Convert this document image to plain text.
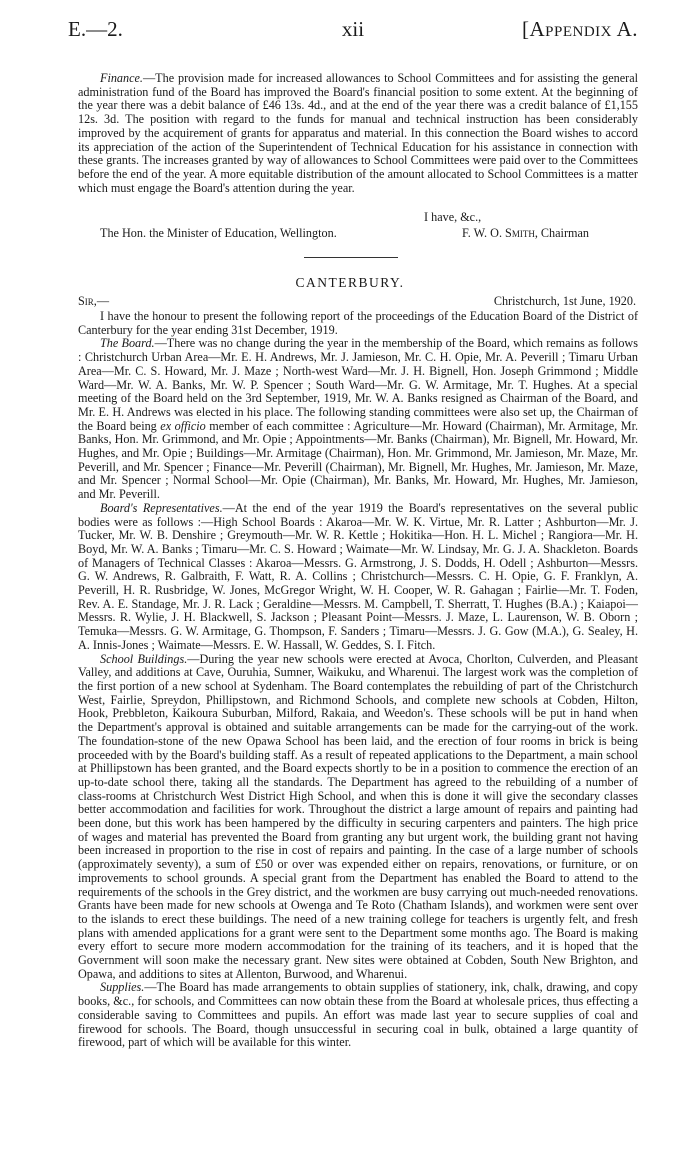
E.—2.	xii	[Appendix A.

Finance.—The provision made for increased allowances to School Committees and for assisting the general administration fund of the Board has improved the Board's financial position to some extent. At the beginning of the year there was a debit balance of £46 13s. 4d., and at the end of the year there was a credit balance of £1,155 12s. 3d. The position with regard to the funds for manual and technical instruction has been considerably improved by the acquirement of grants for apparatus and material. In this connection the Board wishes to accord its appreciation of the action of the Superintendent of Technical Education for his assistance in connection with these grants. The increases granted by way of allowances to School Committees were paid over to the Committees before the end of the year. A more equitable distribution of the amount allocated to School Committees is a matter which must engage the Board's attention during the year.

I have, &c.,
The Hon. the Minister of Education, Wellington.	F. W. O. Smith, Chairman
CANTERBURY.
Sir,—	Christchurch, 1st June, 1920.

I have the honour to present the following report of the proceedings of the Education Board of the District of Canterbury for the year ending 31st December, 1919.

The Board.—There was no change during the year in the membership of the Board, which remains as follows : Christchurch Urban Area—Mr. E. H. Andrews, Mr. J. Jamieson, Mr. C. H. Opie, Mr. A. Peverill ; Timaru Urban Area—Mr. C. S. Howard, Mr. J. Maze ; North-west Ward—Mr. J. H. Bignell, Hon. Joseph Grimmond ; Middle Ward—Mr. W. A. Banks, Mr. W. P. Spencer ; South Ward—Mr. G. W. Armitage, Mr. T. Hughes. At a special meeting of the Board held on the 3rd September, 1919, Mr. W. A. Banks resigned as Chairman of the Board, and Mr. E. H. Andrews was elected in his place. The following standing committees were also set up, the Chairman of the Board being ex officio member of each committee : Agriculture—Mr. Howard (Chairman), Mr. Armitage, Mr. Banks, Hon. Mr. Grimmond, and Mr. Opie ; Appointments—Mr. Banks (Chairman), Mr. Bignell, Mr. Howard, Mr. Hughes, and Mr. Opie ; Buildings—Mr. Armitage (Chairman), Hon. Mr. Grimmond, Mr. Jamieson, Mr. Maze, Mr. Peverill, and Mr. Spencer ; Finance—Mr. Peverill (Chairman), Mr. Bignell, Mr. Hughes, Mr. Jamieson, Mr. Maze, and Mr. Spencer ; Normal School—Mr. Opie (Chairman), Mr. Banks, Mr. Howard, Mr. Hughes, Mr. Jamieson, and Mr. Peverill.

Board's Representatives.—At the end of the year 1919 the Board's representatives on the several public bodies were as follows :—High School Boards : Akaroa—Mr. W. K. Virtue, Mr. R. Latter ; Ashburton—Mr. J. Tucker, Mr. W. B. Denshire ; Greymouth—Mr. W. R. Kettle ; Hokitika—Hon. H. L. Michel ; Rangiora—Mr. H. Boyd, Mr. W. A. Banks ; Timaru—Mr. C. S. Howard ; Waimate—Mr. W. Lindsay, Mr. G. J. A. Shackleton. Boards of Managers of Technical Classes : Akaroa—Messrs. G. Armstrong, J. S. Dodds, H. Odell ; Ashburton—Messrs. G. W. Andrews, R. Galbraith, F. Watt, R. A. Collins ; Christchurch—Messrs. C. H. Opie, G. F. Franklyn, A. Peverill, H. R. Rusbridge, W. Jones, McGregor Wright, W. H. Cooper, W. R. Gahagan ; Fairlie—Mr. T. Foden, Rev. A. E. Standage, Mr. J. R. Lack ; Geraldine—Messrs. M. Campbell, T. Sherratt, T. Hughes (B.A.) ; Kaiapoi—Messrs. R. Wylie, J. H. Blackwell, S. Jackson ; Pleasant Point—Messrs. J. Maze, L. Laurenson, W. B. Oborn ; Temuka—Messrs. G. W. Armitage, G. Thompson, F. Sanders ; Timaru—Messrs. J. G. Gow (M.A.), G. Sealey, H. A. Innis-Jones ; Waimate—Messrs. E. W. Hassall, W. Geddes, S. I. Fitch.

School Buildings.—During the year new schools were erected at Avoca, Chorlton, Culverden, and Pleasant Valley, and additions at Cave, Ouruhia, Sumner, Waikuku, and Wharenui. The largest work was the completion of the first portion of a new school at Sydenham. The Board contemplates the rebuilding of part of the Christchurch West, Fairlie, Spreydon, Phillipstown, and Richmond Schools, and complete new schools at Cobden, Hilton, Hook, Prebbleton, Kaikoura Suburban, Milford, Rakaia, and Weedon's. These schools will be put in hand when the Department's approval is obtained and suitable arrangements can be made for the carrying-out of the work. The foundation-stone of the new Opawa School has been laid, and the erection of four rooms in brick is being proceeded with by the Board's building staff. As a result of repeated applications to the Department, a main school at Phillipstown has been granted, and the Board expects shortly to be in a position to commence the erection of an up-to-date school there, taking all the standards. The Department has agreed to the rebuilding of a number of class-rooms at Christchurch West District High School, and when this is done it will give the secondary classes better accommodation and facilities for work. Throughout the district a large amount of repairs and painting had been done, but this work has been hampered by the difficulty in securing carpenters and painters. The high price of wages and material has prevented the Board from granting any but urgent work, the building grant not having been increased in proportion to the rise in cost of repairs and painting. In the case of a large number of schools (approximately seventy), a sum of £50 or over was expended either on repairs, renovations, or furniture, or on improvements to school grounds. A special grant from the Department has enabled the Board to attend to the requirements of the schools in the Grey district, and the workmen are busy carrying out much-needed renovations. Grants have been made for new schools at Owenga and Te Roto (Chatham Islands), and workmen were sent over to the islands to erect these buildings. The need of a new training college for teachers is urgently felt, and fresh plans with amended applications for a grant were sent to the Department some months ago. The Board is making every effort to secure more modern accommodation for the training of its teachers, and it is hoped that the Government will soon make the necessary grant. New sites were obtained at Cobden, South New Brighton, and Opawa, and additions to sites at Allenton, Burwood, and Wharenui.

Supplies.—The Board has made arrangements to obtain supplies of stationery, ink, chalk, drawing, and copy books, &c., for schools, and Committees can now obtain these from the Board at wholesale prices, thus effecting a considerable saving to Committees and pupils. An effort was made last year to secure supplies of coal and firewood for schools. The Board, though unsuccessful in securing coal in bulk, obtained a large quantity of firewood, part of which will be available for this winter.
